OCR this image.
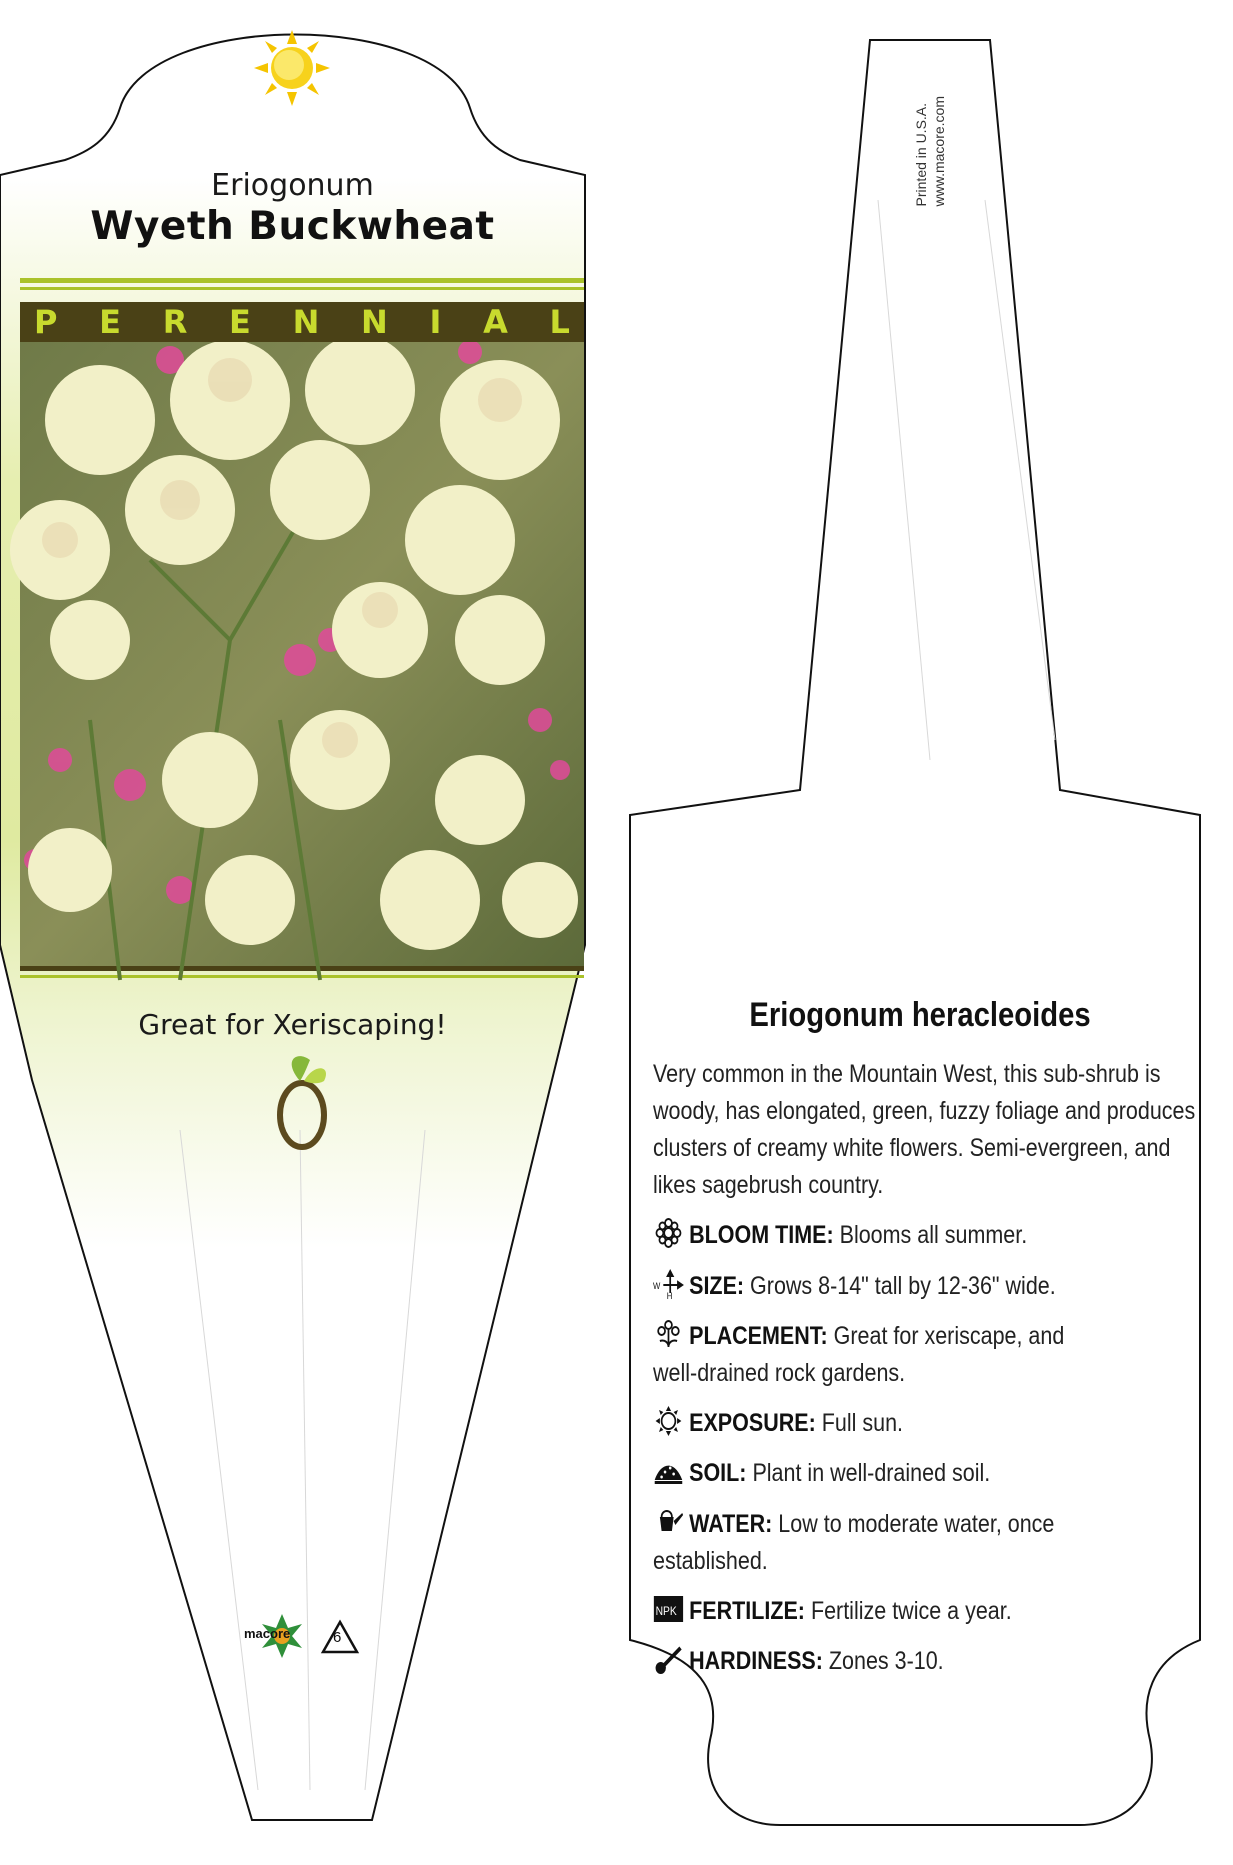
Eriogonum
Wyeth Buckwheat
P E R E N N I A L
Great for Xeriscaping!
macore	6
Printed in U.S.A. www.macore.com
Eriogonum heracleoides
Very common in the Mountain West, this sub-shrub is woody, has elongated, green, fuzzy foliage and produces clusters of creamy white flowers. Semi-evergreen, and likes sagebrush country.
BLOOM TIME: Blooms all summer.
W
H SIZE: Grows 8-14" tall by 12-36" wide.
PLACEMENT: Great for xeriscape, and well-drained rock gardens.
EXPOSURE: Full sun.
SOIL: Plant in well-drained soil.
WATER: Low to moderate water, once established.
NPK FERTILIZE: Fertilize twice a year.
HARDINESS: Zones 3-10.
